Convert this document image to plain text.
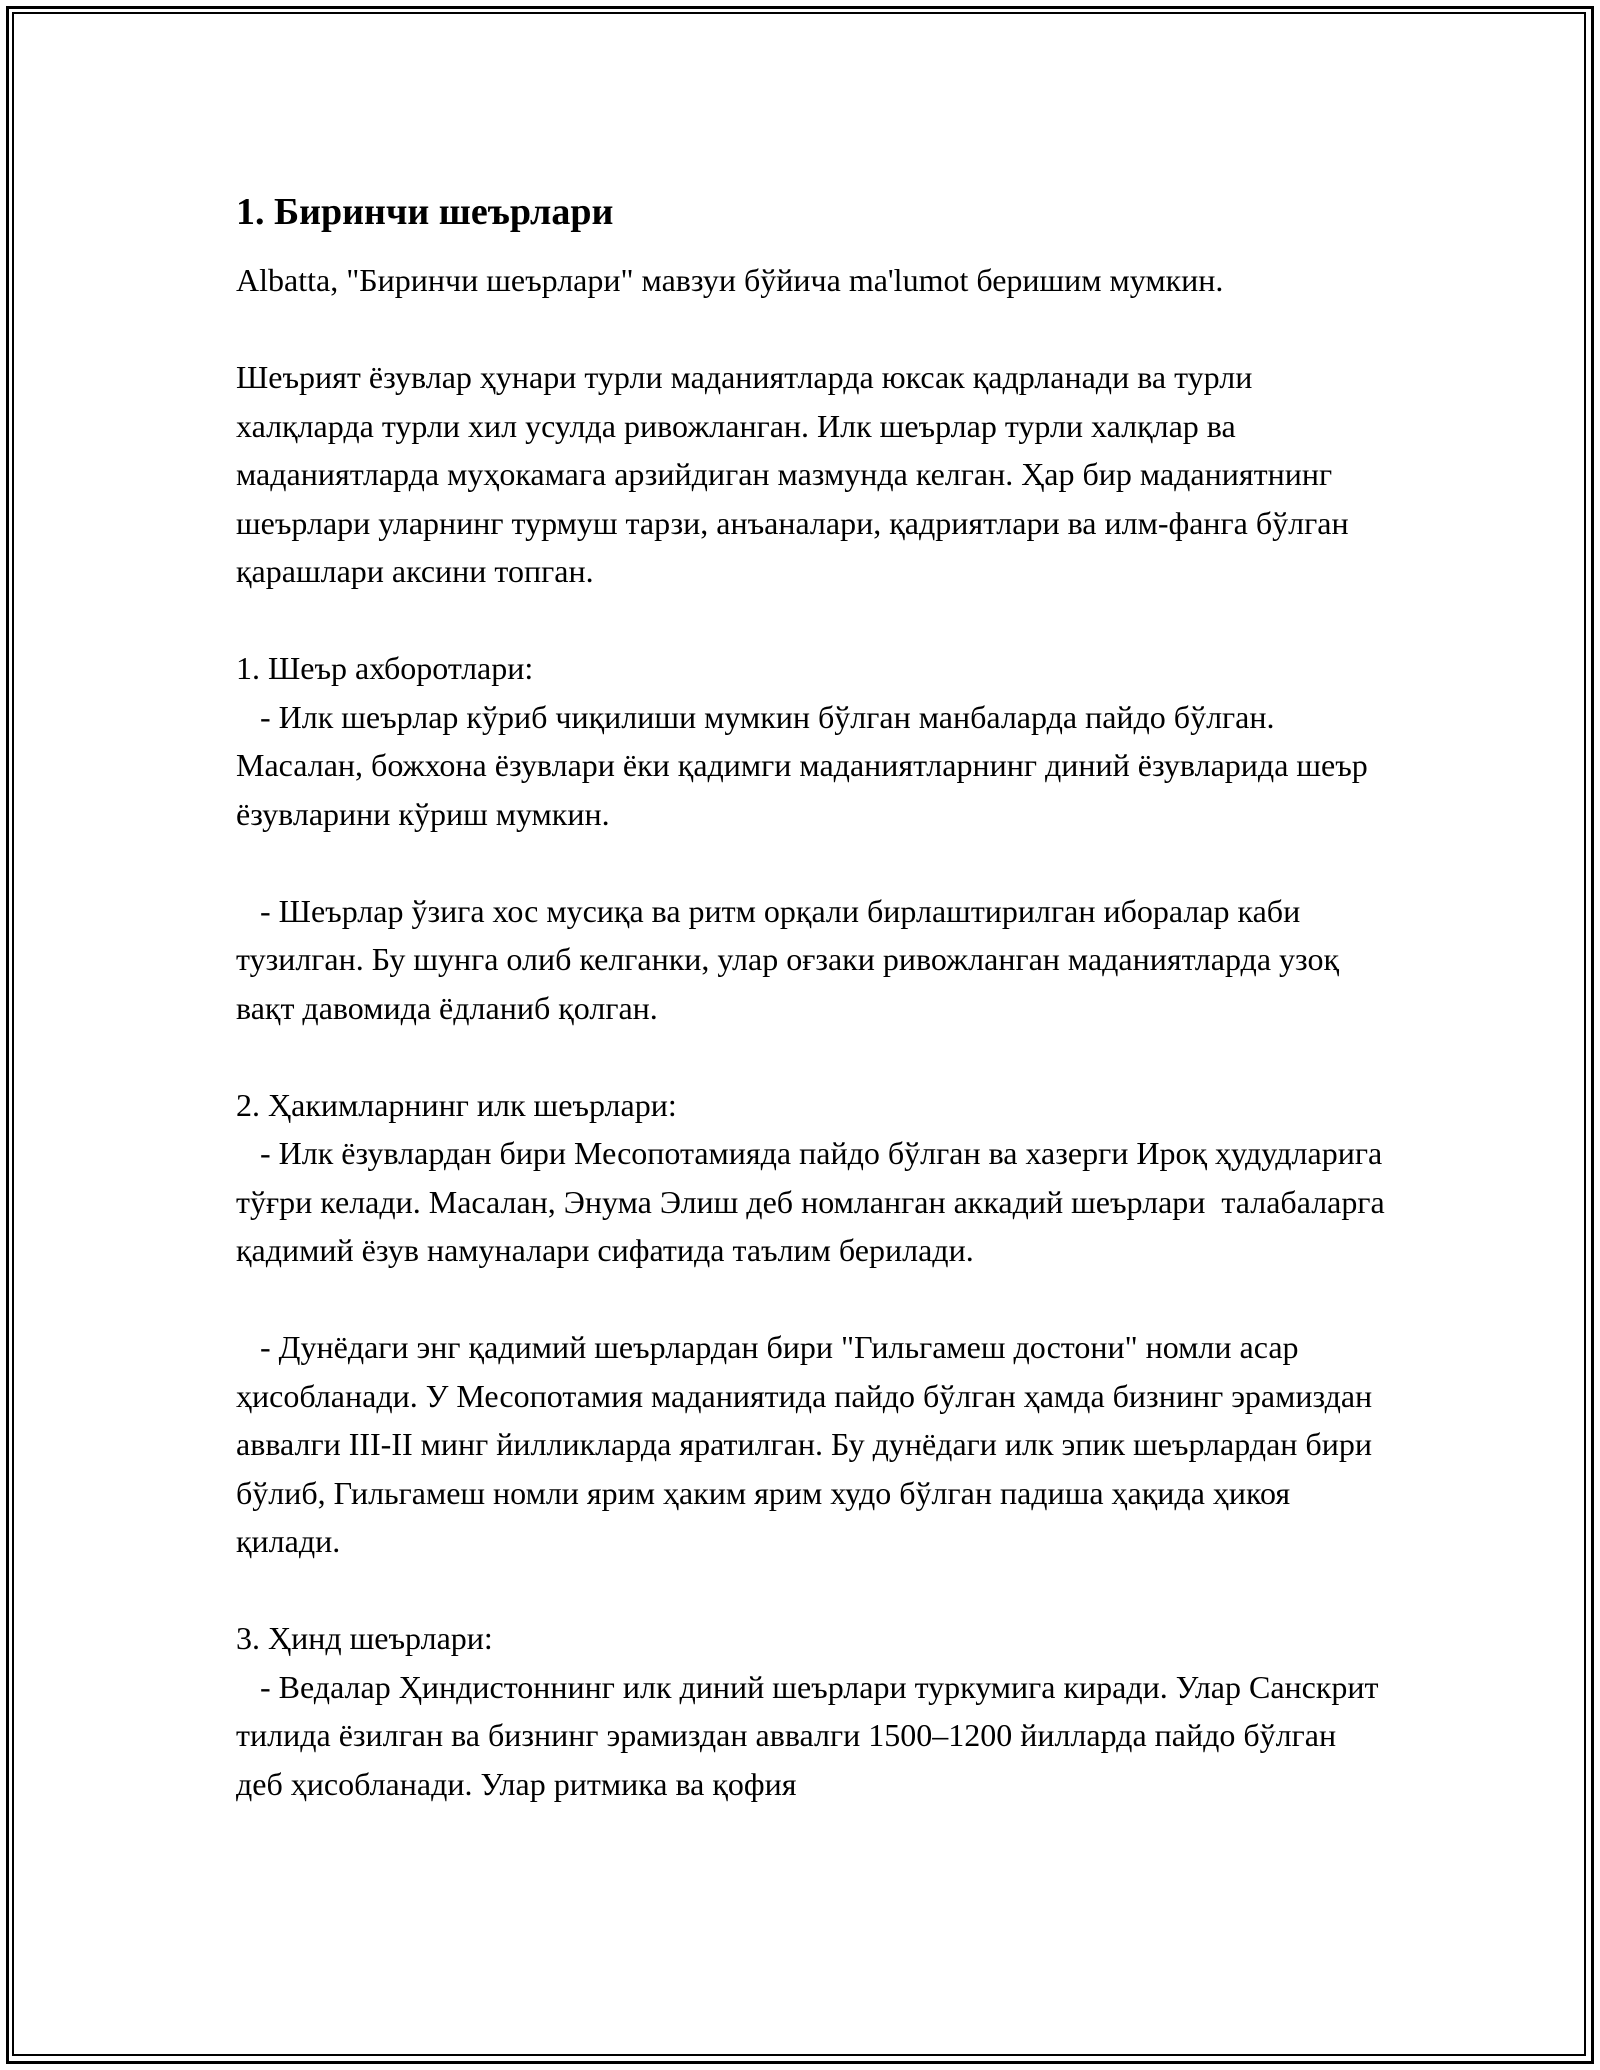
1. Биринчи шеърлари

Albatta, "Биринчи шеърлари" мавзуи бўйича ma'lumot беришим мумкин.

Шеърият ёзувлар ҳунари турли маданиятларда юксак қадрланади ва турли халқларда турли хил усулда ривожланган. Илк шеърлар турли халқлар ва маданиятларда муҳокамага арзийдиган мазмунда келган. Ҳар бир маданиятнинг шеърлари уларнинг турмуш тарзи, анъаналари, қадриятлари ва илм-фанга бўлган қарашлари аксини топган.

1. Шеър ахборотлари:

- Илк шеърлар кўриб чиқилиши мумкин бўлган манбаларда пайдо бўлган. Масалан, божхона ёзувлари ёки қадимги маданиятларнинг диний ёзувларида шеър ёзувларини кўриш мумкин.

- Шеърлар ўзига хос мусиқа ва ритм орқали бирлаштирилган иборалар каби тузилган. Бу шунга олиб келганки, улар оғзаки ривожланган маданиятларда узоқ вақт давомида ёдланиб қолган.

2. Ҳакимларнинг илк шеърлари:

- Илк ёзувлардан бири Месопотамияда пайдо бўлган ва хазерги Ироқ ҳудудларига тўғри келади. Масалан, Энума Элиш деб номланган аккадий шеърлари  талабаларга қадимий ёзув намуналари сифатида таълим берилади.

- Дунёдаги энг қадимий шеърлардан бири "Гильгамеш достони" номли асар ҳисобланади. У Месопотамия маданиятида пайдо бўлган ҳамда бизнинг эрамиздан аввалги III-II минг йилликларда яратилган. Бу дунёдаги илк эпик шеърлардан бири бўлиб, Гильгамеш номли ярим ҳаким ярим худо бўлган падиша ҳақида ҳикоя қилади.

3. Ҳинд шеърлари:

- Ведалар Ҳиндистоннинг илк диний шеърлари туркумига киради. Улар Санскрит тилида ёзилган ва бизнинг эрамиздан аввалги 1500–1200 йилларда пайдо бўлган деб ҳисобланади. Улар ритмика ва қофия
